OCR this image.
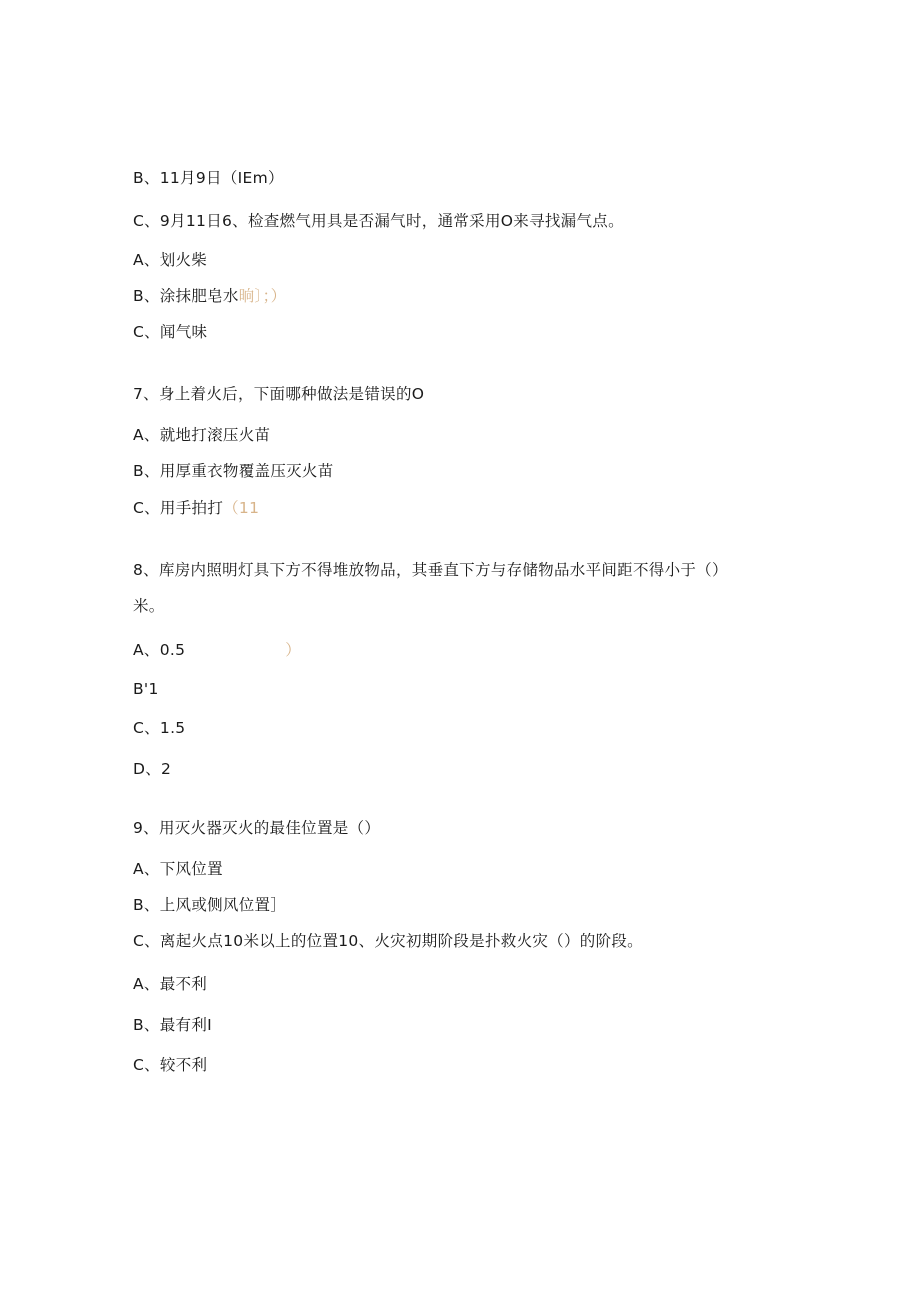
B、11月9日（IEm）
C、9月11日6、检查燃气用具是否漏气时，通常采用O来寻找漏气点。
A、划火柴
B、涂抹肥皂水晌〕；）
C、闻气味
7、身上着火后，下面哪种做法是错误的O
A、就地打滚压火苗
B、用厚重衣物覆盖压灭火苗
C、用手拍打（11
8、库房内照明灯具下方不得堆放物品，其垂直下方与存储物品水平间距不得小于（）
米。
A、0.5	）
B'1
C、1.5
D、2
9、用灭火器灭火的最佳位置是（）
A、下风位置
B、上风或侧风位置］
C、离起火点10米以上的位置10、火灾初期阶段是扑救火灾（）的阶段。
A、最不利
B、最有利I
C、较不利
